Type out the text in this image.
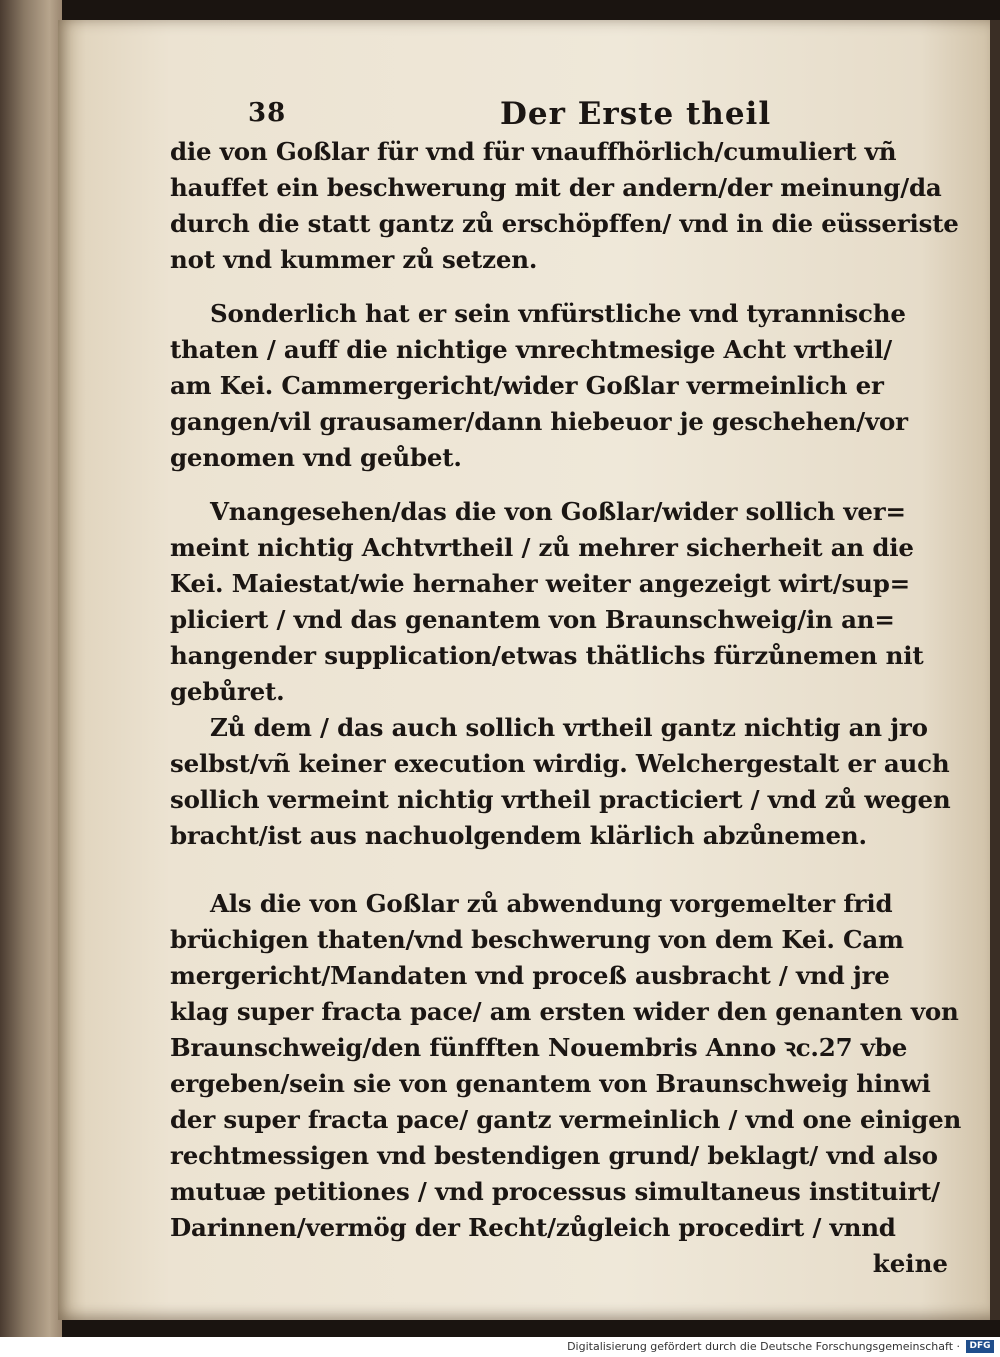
38	Der Erste theil
die von Goßlar für vnd für vnauffhörlich/cumuliert vñ
hauffet ein beschwerung mit der andern/der meinung/da
durch die statt gantz zů erschöpffen/ vnd in die eüsseriste
not vnd kummer zů setzen.
Sonderlich hat er sein vnfürstliche vnd tyrannische
thaten / auff die nichtige vnrechtmesige Acht vrtheil/
am Kei. Cammergericht/wider Goßlar vermeinlich er
gangen/vil grausamer/dann hiebeuor je geschehen/vor
genomen vnd geůbet.
Vnangesehen/das die von Goßlar/wider sollich ver=
meint nichtig Achtvrtheil / zů mehrer sicherheit an die
Kei. Maiestat/wie hernaher weiter angezeigt wirt/sup=
pliciert / vnd das genantem von Braunschweig/in an=
hangender supplication/etwas thätlichs fürzůnemen nit
gebůret.
Zů dem / das auch sollich vrtheil gantz nichtig an jro
selbst/vñ keiner execution wirdig. Welchergestalt er auch
sollich vermeint nichtig vrtheil practiciert / vnd zů wegen
bracht/ist aus nachuolgendem klärlich abzůnemen.
Als die von Goßlar zů abwendung vorgemelter frid
brüchigen thaten/vnd beschwerung von dem Kei. Cam
mergericht/Mandaten vnd proceß ausbracht / vnd jre
klag super fracta pace/ am ersten wider den genanten von
Braunschweig/den fünfften Nouembris Anno ꝛc.27 vbe
ergeben/sein sie von genantem von Braunschweig hinwi
der super fracta pace/ gantz vermeinlich / vnd one einigen
rechtmessigen vnd bestendigen grund/ beklagt/ vnd also
mutuæ petitiones / vnd processus simultaneus instituirt/
Darinnen/vermög der Recht/zůgleich procedirt / vnnd
keine
Digitalisierung gefördert durch die Deutsche Forschungsgemeinschaft ·	DFG
